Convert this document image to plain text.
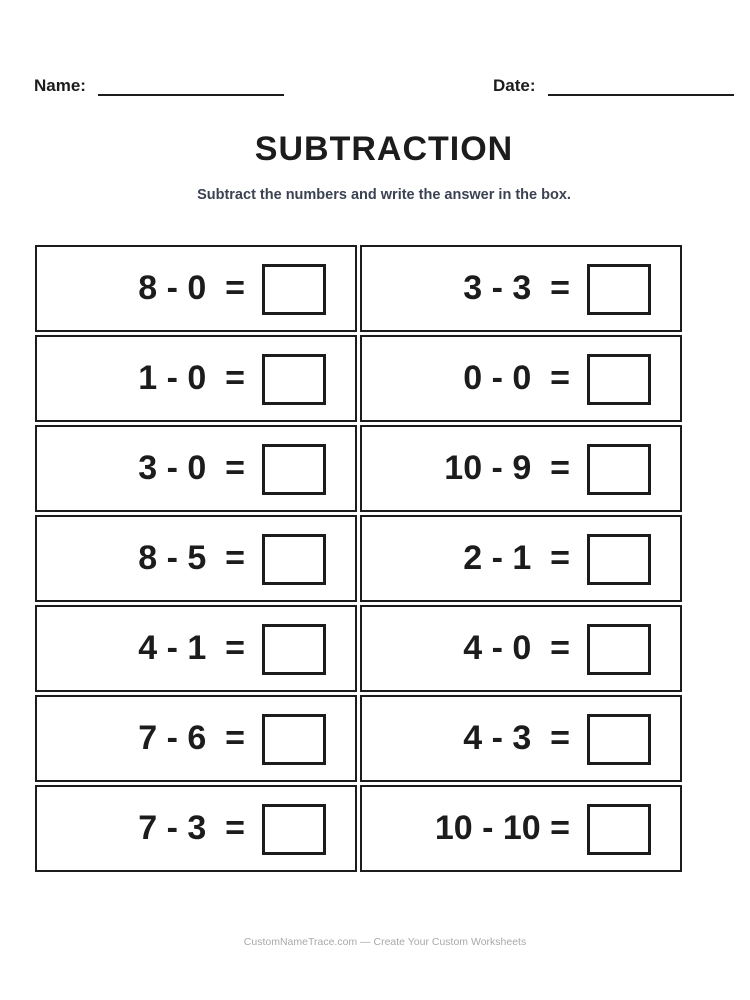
Name:	Date:
SUBTRACTION
Subtract the numbers and write the answer in the box.
8 - 0  =	3 - 3  =
1 - 0  =	0 - 0  =
3 - 0  =	10 - 9  =
8 - 5  =	2 - 1  =
4 - 1  =	4 - 0  =
7 - 6  =	4 - 3  =
7 - 3  =	10 - 10 =
CustomNameTrace.com — Create Your Custom Worksheets
